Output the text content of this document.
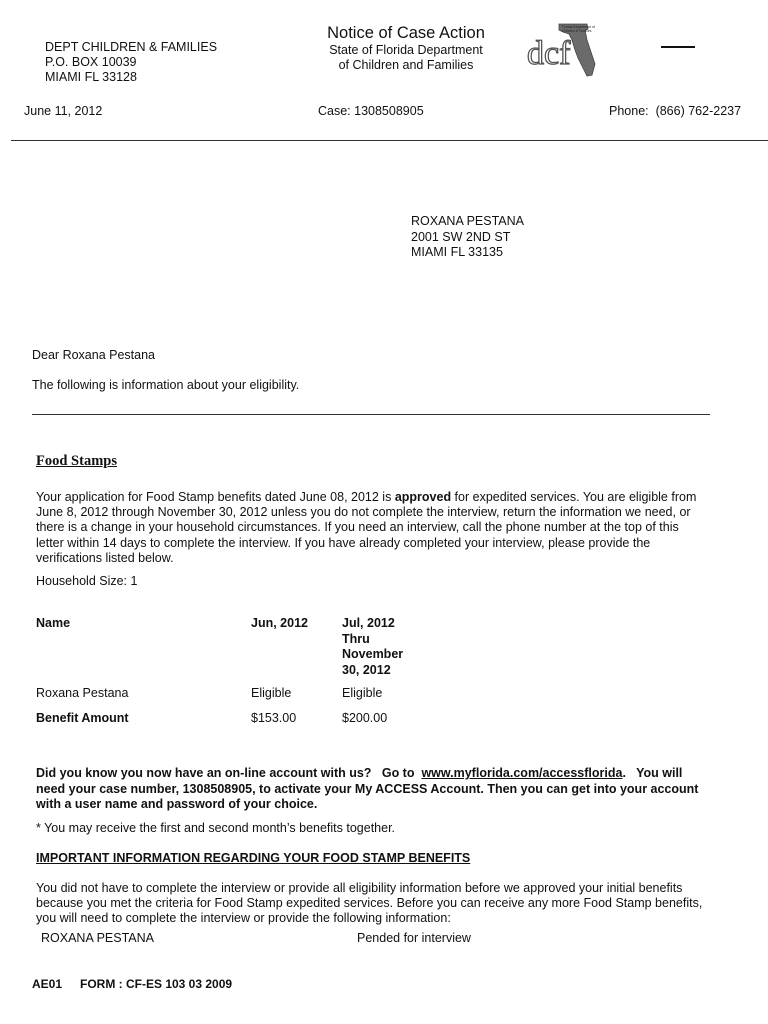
DEPT CHILDREN & FAMILIES
P.O. BOX 10039
MIAMI FL 33128
Notice of Case Action
State of Florida Department
of Children and Families	dcf
Florida Department of
Children & Families
June 11, 2012	Case: 1308508905	Phone:  (866) 762-2237
ROXANA PESTANA
2001 SW 2ND ST
MIAMI FL 33135
Dear Roxana Pestana
The following is information about your eligibility.
Food Stamps
Your application for Food Stamp benefits dated June 08, 2012 is approved for expedited services. You are eligible from June 8, 2012 through November 30, 2012 unless you do not complete the interview, return the information we need, or there is a change in your household circumstances. If you need an interview, call the phone number at the top of this letter within 14 days to complete the interview. If you have already completed your interview, please provide the verifications listed below.
Household Size: 1
Name	Jun, 2012	Jul, 2012
Thru
November
30, 2012
Roxana Pestana	Eligible	Eligible
Benefit Amount	$153.00	$200.00
Did you know you now have an on-line account with us?   Go to  www.myflorida.com/accessflorida.   You will need your case number, 1308508905, to activate your My ACCESS Account. Then you can get into your account with a user name and password of your choice.
* You may receive the first and second month’s benefits together.
IMPORTANT INFORMATION REGARDING YOUR FOOD STAMP BENEFITS
You did not have to complete the interview or provide all eligibility information before we approved your initial benefits because you met the criteria for Food Stamp expedited services. Before you can receive any more Food Stamp benefits, you will need to complete the interview or provide the following information:
ROXANA PESTANA	Pended for interview
AE01 FORM : CF-ES 103 03 2009
